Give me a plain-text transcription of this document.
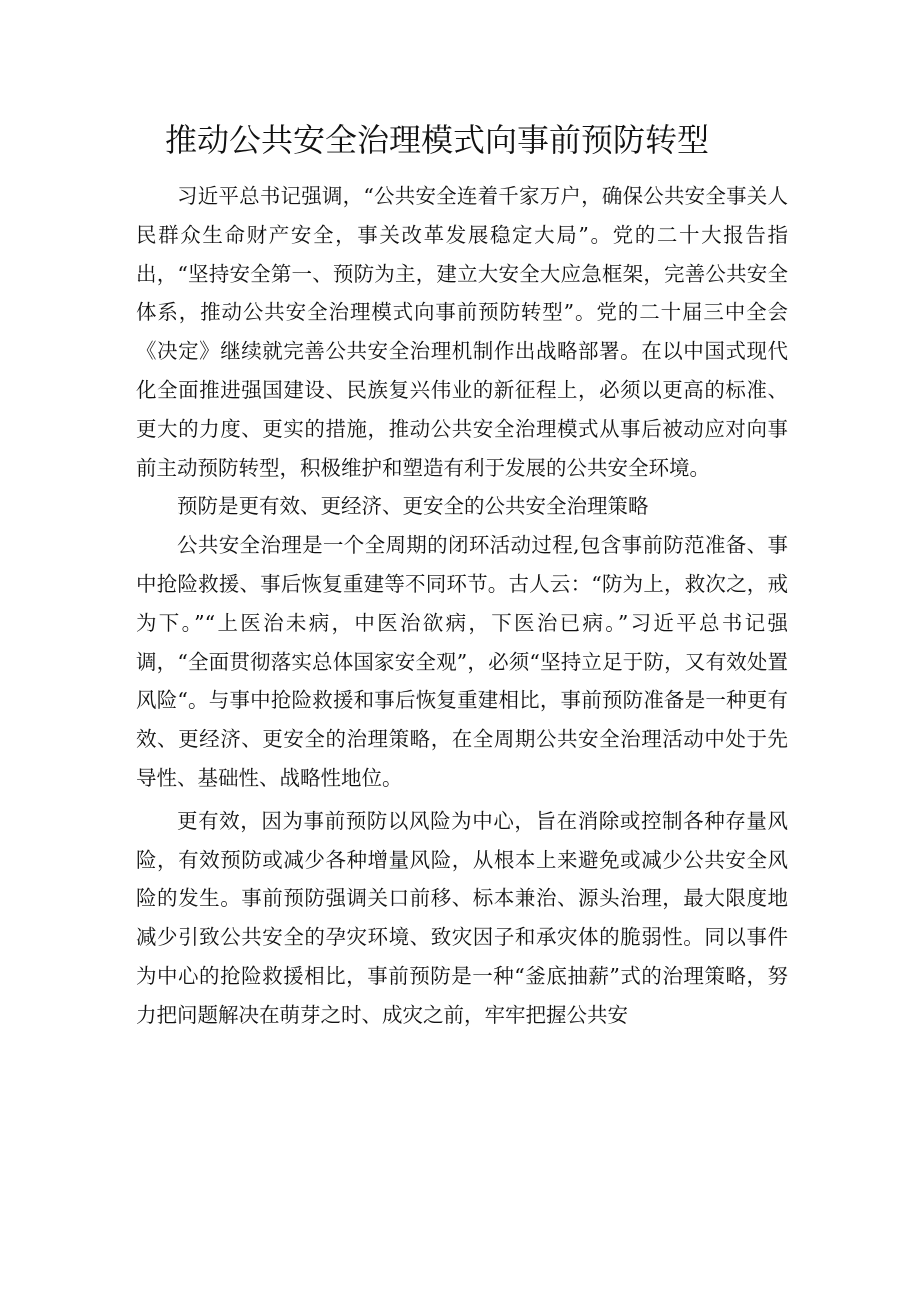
推动公共安全治理模式向事前预防转型

习近平总书记强调，“公共安全连着千家万户，确保公共安全事关人民群众生命财产安全，事关改革发展稳定大局”。党的二十大报告指出，“坚持安全第一、预防为主，建立大安全大应急框架，完善公共安全体系，推动公共安全治理模式向事前预防转型”。党的二十届三中全会《决定》继续就完善公共安全治理机制作出战略部署。在以中国式现代化全面推进强国建设、民族复兴伟业的新征程上，必须以更高的标准、更大的力度、更实的措施，推动公共安全治理模式从事后被动应对向事前主动预防转型，积极维护和塑造有利于发展的公共安全环境。

预防是更有效、更经济、更安全的公共安全治理策略

公共安全治理是一个全周期的闭环活动过程,包含事前防范准备、事中抢险救援、事后恢复重建等不同环节。古人云：“防为上，救次之，戒为下。”“上医治未病，中医治欲病，下医治已病。”习近平总书记强调，“全面贯彻落实总体国家安全观”，必须“坚持立足于防，又有效处置风险“。与事中抢险救援和事后恢复重建相比，事前预防准备是一种更有效、更经济、更安全的治理策略，在全周期公共安全治理活动中处于先导性、基础性、战略性地位。

更有效，因为事前预防以风险为中心，旨在消除或控制各种存量风险，有效预防或减少各种增量风险，从根本上来避免或减少公共安全风险的发生。事前预防强调关口前移、标本兼治、源头治理，最大限度地减少引致公共安全的孕灾环境、致灾因子和承灾体的脆弱性。同以事件为中心的抢险救援相比，事前预防是一种“釜底抽薪”式的治理策略，努力把问题解决在萌芽之时、成灾之前，牢牢把握公共安
